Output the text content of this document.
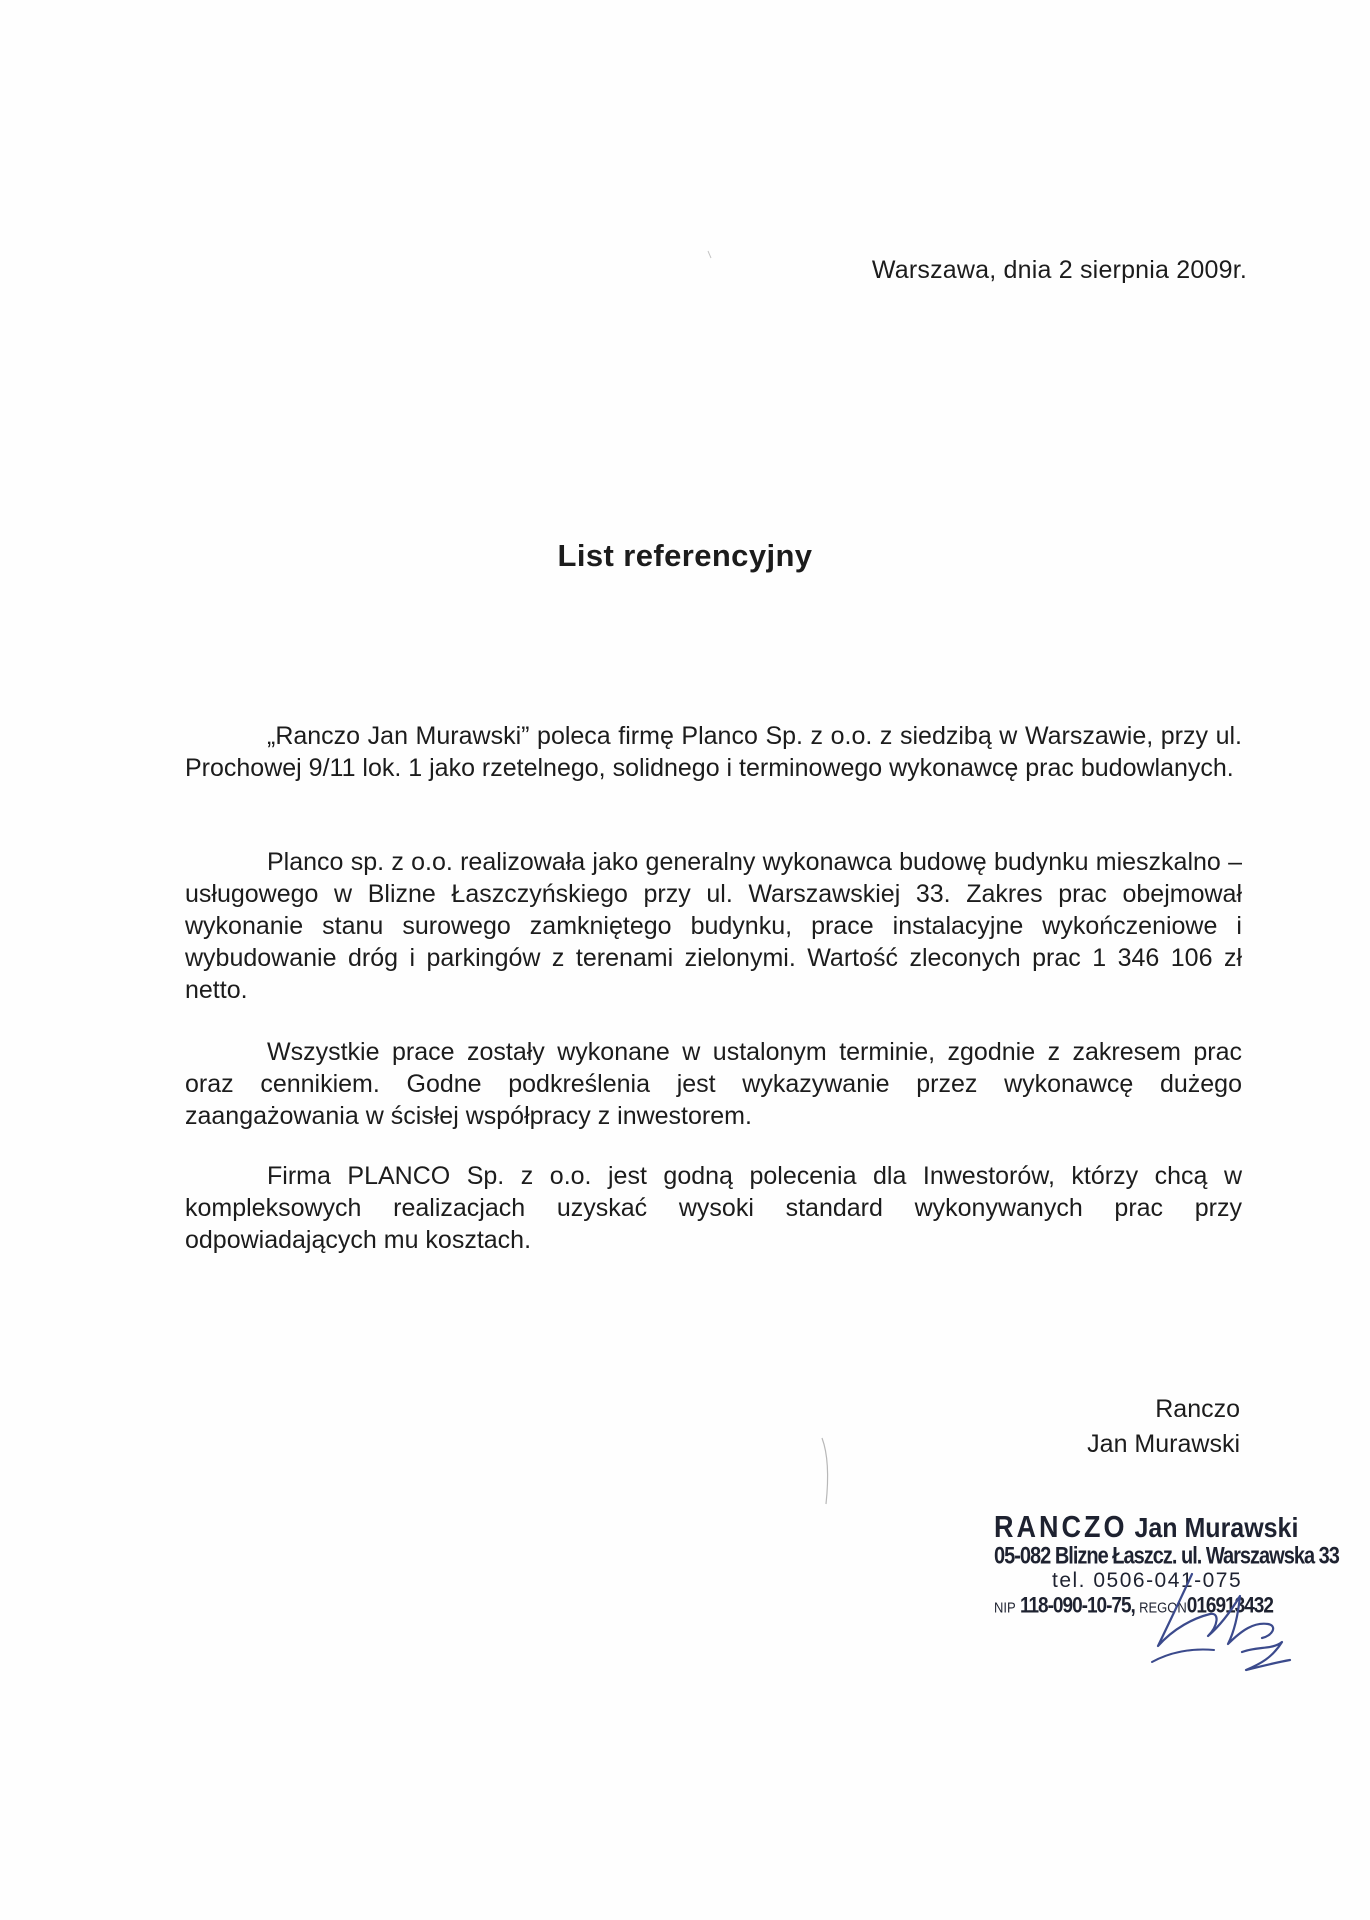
Warszawa, dnia 2 sierpnia 2009r.
List referencyjny

„Ranczo Jan Murawski” poleca firmę Planco Sp. z o.o. z siedzibą w Warszawie, przy ul. Prochowej 9/11 lok. 1 jako rzetelnego, solidnego i terminowego wykonawcę prac budowlanych.

Planco sp. z o.o. realizowała jako generalny wykonawca budowę budynku mieszkalno – usługowego w Blizne Łaszczyńskiego przy ul. Warszawskiej 33. Zakres prac obejmował wykonanie stanu surowego zamkniętego budynku, prace instalacyjne wykończeniowe i wybudowanie dróg i parkingów z terenami zielonymi. Wartość zleconych prac 1 346 106 zł netto.

Wszystkie prace zostały wykonane w ustalonym terminie, zgodnie z zakresem prac oraz cennikiem. Godne podkreślenia jest wykazywanie przez wykonawcę dużego zaangażowania w ścisłej współpracy z inwestorem.

Firma PLANCO Sp. z o.o. jest godną polecenia dla Inwestorów, którzy chcą w kompleksowych realizacjach uzyskać wysoki standard wykonywanych prac przy odpowiadających mu kosztach.

Ranczo
Jan Murawski
RANCZO Jan Murawski
05-082 Blizne Łaszcz. ul. Warszawska 33
tel. 0506-041-075
NIP 118-090-10-75, REGON016913432
